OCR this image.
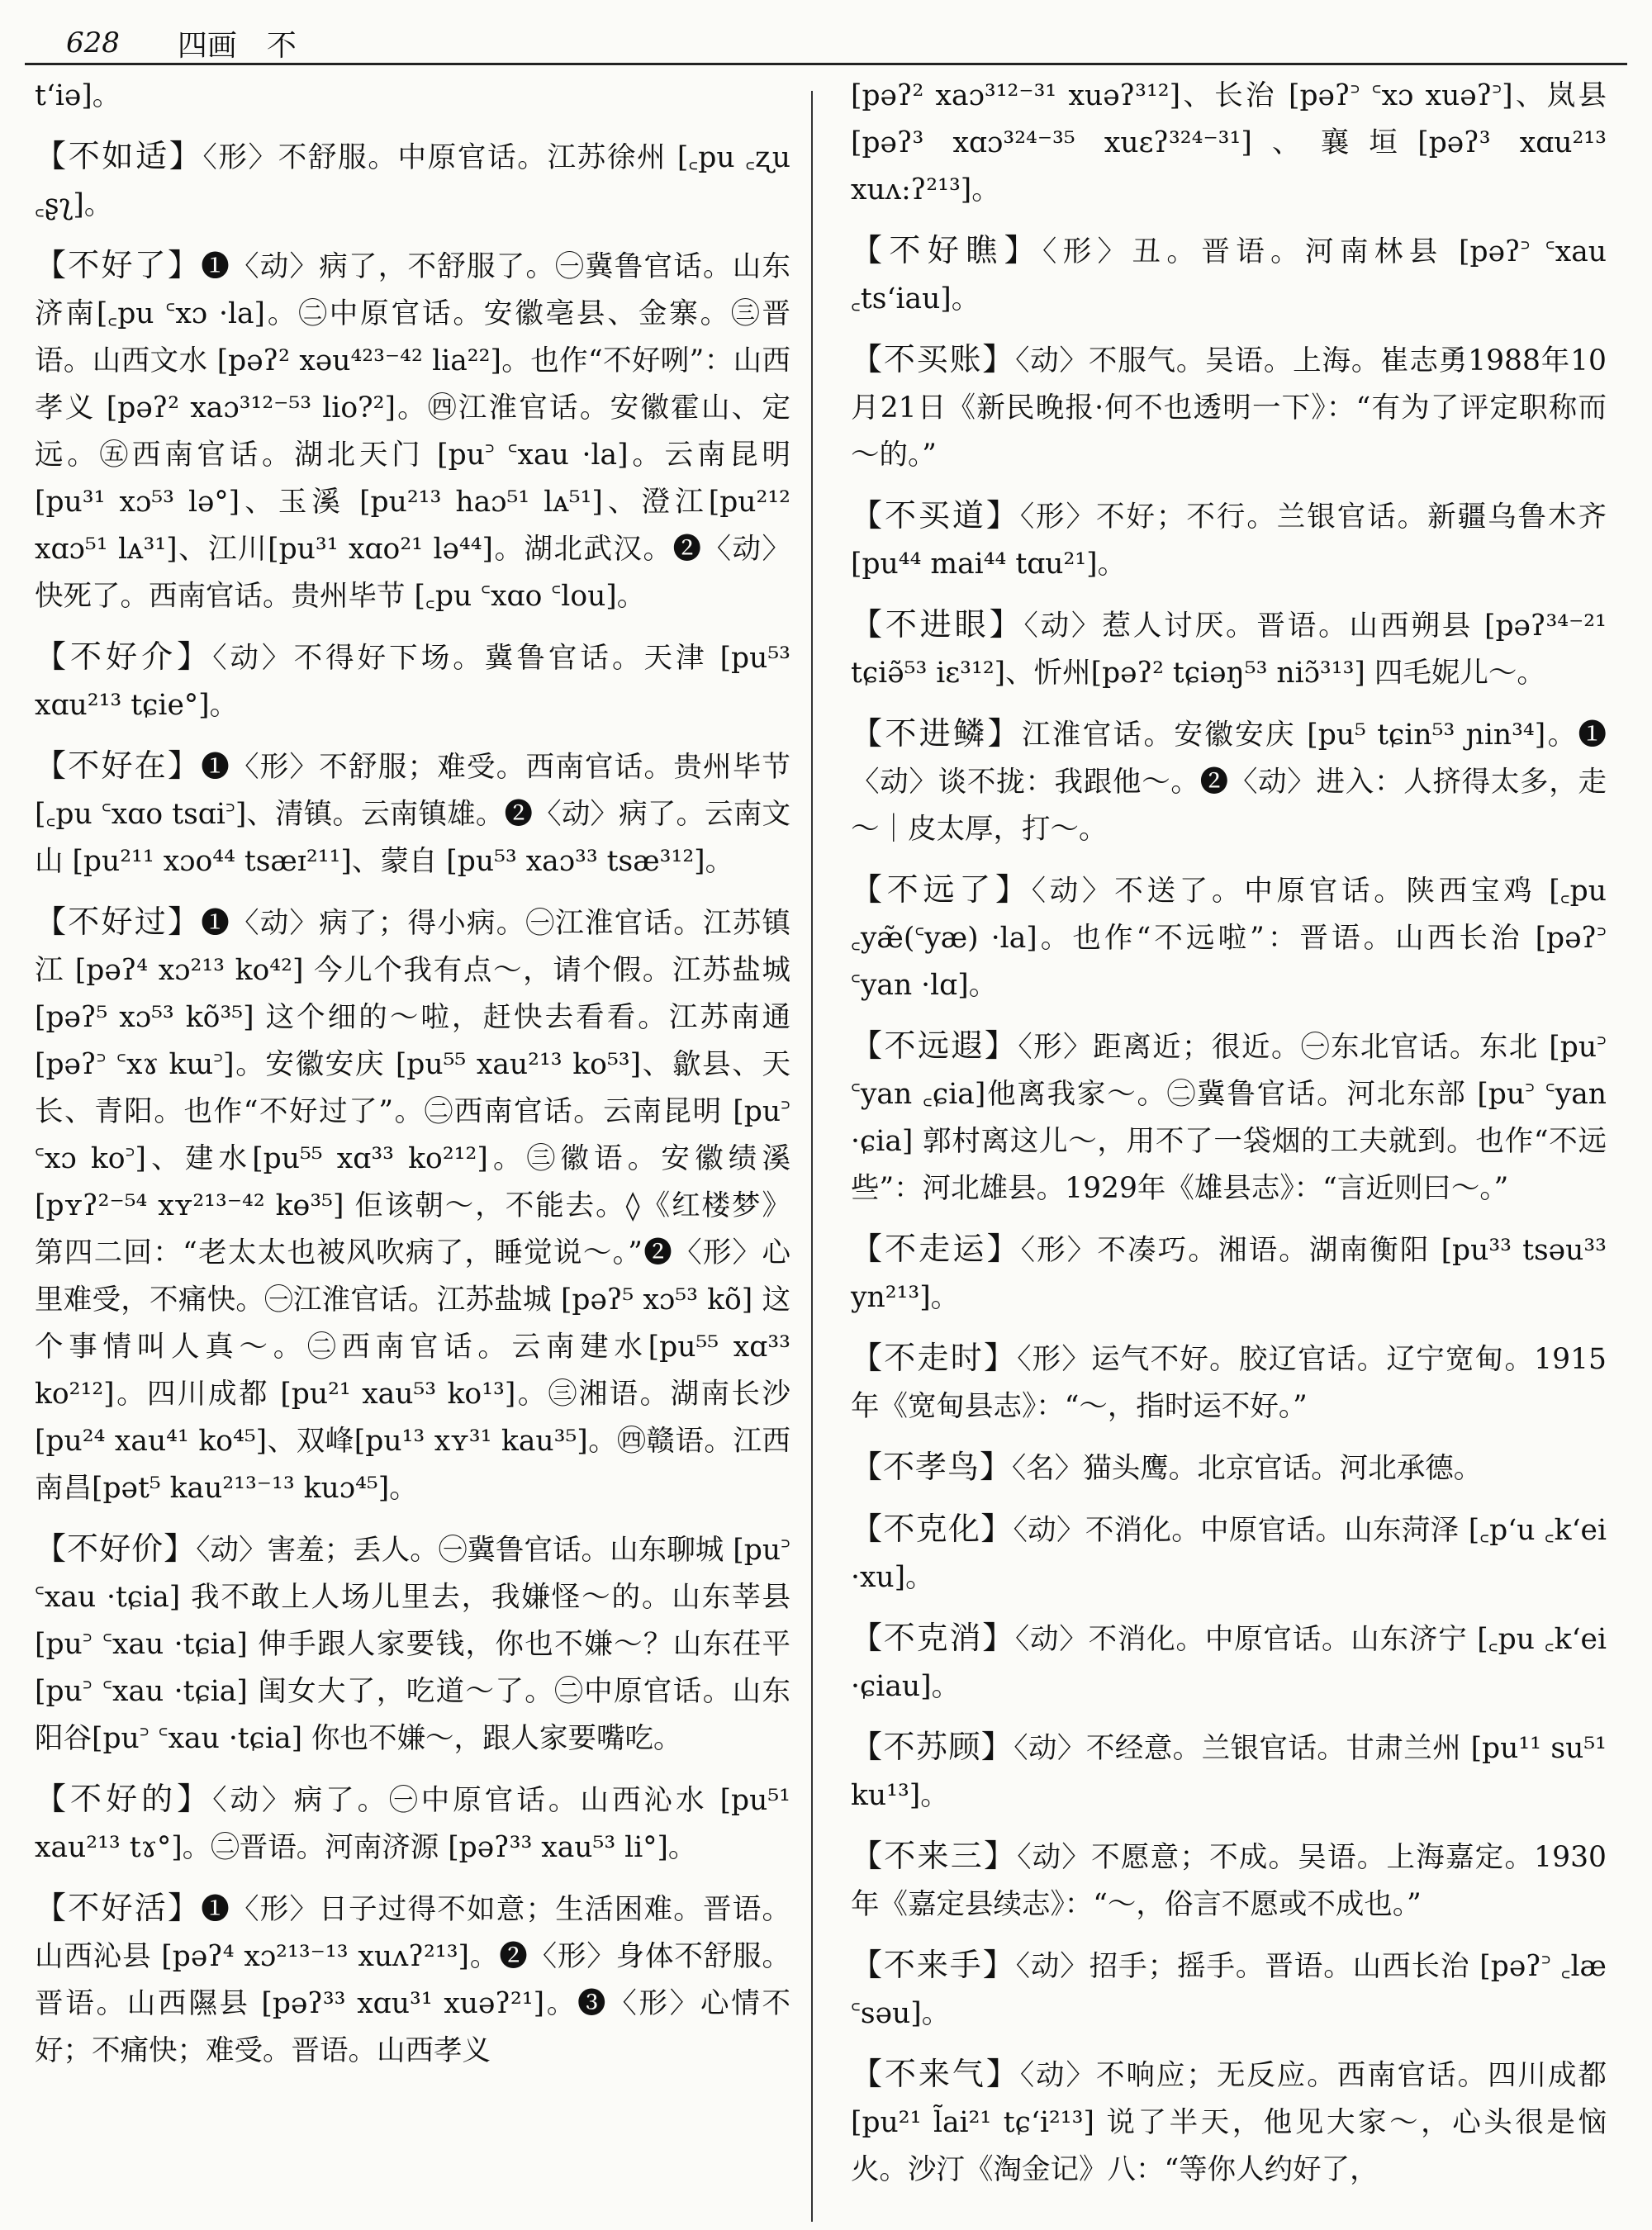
628 四画　不
t‘iə]。
【不如适】〈形〉不舒服。中原官话。江苏徐州 [꜀pu ꜀ʐu ꜀ʂʅ]。
【不好了】❶〈动〉病了，不舒服了。㊀冀鲁官话。山东济南[꜀pu ꜂xɔ ·la]。㊁中原官话。安徽亳县、金寨。㊂晋语。山西文水 [pəʔ² xəu⁴²³⁻⁴² lia²²]。也作“不好咧”：山西孝义 [pəʔ² xaɔ³¹²⁻⁵³ lio?²]。㊃江淮官话。安徽霍山、定远。㊄西南官话。湖北天门 [pu꜄ ꜂xau ·la]。云南昆明 [pu³¹ xɔ⁵³ lə°]、玉溪 [pu²¹³ haɔ⁵¹ lᴀ⁵¹]、澄江[pu²¹² xɑɔ⁵¹ lᴀ³¹]、江川[pu³¹ xɑo²¹ lə⁴⁴]。湖北武汉。❷〈动〉快死了。西南官话。贵州毕节 [꜀pu ꜂xɑo ꜂lou]。
【不好介】〈动〉不得好下场。冀鲁官话。天津 [pu⁵³ xɑu²¹³ tɕie°]。
【不好在】❶〈形〉不舒服；难受。西南官话。贵州毕节 [꜀pu ꜂xɑo tsɑi꜄]、清镇。云南镇雄。❷〈动〉病了。云南文山 [pu²¹¹ xɔo⁴⁴ tsæɪ²¹¹]、蒙自 [pu⁵³ xaɔ³³ tsæ³¹²]。
【不好过】❶〈动〉病了；得小病。㊀江淮官话。江苏镇江 [pəʔ⁴ xɔ²¹³ ko⁴²] 今儿个我有点～，请个假。江苏盐城 [pəʔ⁵ xɔ⁵³ kõ³⁵] 这个细的～啦，赶快去看看。江苏南通 [pəʔ꜄ ꜂xɤ kɯ꜄]。安徽安庆 [pu⁵⁵ xau²¹³ ko⁵³]、歙县、天长、青阳。也作“不好过了”。㊁西南官话。云南昆明 [pu꜄ ꜂xɔ ko꜄]、建水[pu⁵⁵ xɑ³³ ko²¹²]。㊂徽语。安徽绩溪 [pʏʔ²⁻⁵⁴ xʏ²¹³⁻⁴² kɵ³⁵] 佢该朝～，不能去。◊《红楼梦》第四二回：“老太太也被风吹病了，睡觉说～。”❷〈形〉心里难受，不痛快。㊀江淮官话。江苏盐城 [pəʔ⁵ xɔ⁵³ kõ] 这个事情叫人真～。㊁西南官话。云南建水[pu⁵⁵ xɑ³³ ko²¹²]。四川成都 [pu²¹ xau⁵³ ko¹³]。㊂湘语。湖南长沙 [pu²⁴ xau⁴¹ ko⁴⁵]、双峰[pu¹³ xʏ³¹ kau³⁵]。㊃赣语。江西南昌[pət⁵ kau²¹³⁻¹³ kuɔ⁴⁵]。
【不好价】〈动〉害羞；丢人。㊀冀鲁官话。山东聊城 [pu꜄ ꜂xau ·tɕia] 我不敢上人场儿里去，我嫌怪～的。山东莘县 [pu꜄ ꜂xau ·tɕia] 伸手跟人家要钱，你也不嫌～？山东茌平[pu꜄ ꜂xau ·tɕia] 闺女大了，吃道～了。㊁中原官话。山东阳谷[pu꜄ ꜂xau ·tɕia] 你也不嫌～，跟人家要嘴吃。
【不好的】〈动〉病了。㊀中原官话。山西沁水 [pu⁵¹ xau²¹³ tɤ°]。㊁晋语。河南济源 [pəʔ³³ xau⁵³ li°]。
【不好活】❶〈形〉日子过得不如意；生活困难。晋语。山西沁县 [pəʔ⁴ xɔ²¹³⁻¹³ xuʌʔ²¹³]。❷〈形〉身体不舒服。晋语。山西隰县 [pəʔ³³ xɑu³¹ xuəʔ²¹]。❸〈形〉心情不好；不痛快；难受。晋语。山西孝义
[pəʔ² xaɔ³¹²⁻³¹ xuəʔ³¹²]、长治 [pəʔ꜄ ꜂xɔ xuəʔ꜄]、岚县[pəʔ³ xɑɔ³²⁴⁻³⁵ xuɛʔ³²⁴⁻³¹]、襄垣[pəʔ³ xɑu²¹³ xuʌ:ʔ²¹³]。
【不好瞧】〈形〉丑。晋语。河南林县 [pəʔ꜄ ꜂xau ꜀ts‘iau]。
【不买账】〈动〉不服气。吴语。上海。崔志勇1988年10月21日《新民晚报·何不也透明一下》：“有为了评定职称而～的。”
【不买道】〈形〉不好；不行。兰银官话。新疆乌鲁木齐 [pu⁴⁴ mai⁴⁴ tɑu²¹]。
【不进眼】〈动〉惹人讨厌。晋语。山西朔县 [pəʔ³⁴⁻²¹ tɕiə̃⁵³ iɛ³¹²]、忻州[pəʔ² tɕiəŋ⁵³ niɔ̃³¹³] 四毛妮儿～。
【不进鳞】江淮官话。安徽安庆 [pu⁵ tɕin⁵³ ɲin³⁴]。❶〈动〉谈不拢：我跟他～。❷〈动〉进入：人挤得太多，走～｜皮太厚，打～。
【不远了】〈动〉不送了。中原官话。陕西宝鸡 [꜀pu ꜀yæ̃(꜂yæ) ·la]。也作“不远啦”：晋语。山西长治 [pəʔ꜄ ꜂yan ·lɑ]。
【不远遐】〈形〉距离近；很近。㊀东北官话。东北 [pu꜄ ꜂yan ꜀ɕia]他离我家～。㊁冀鲁官话。河北东部 [pu꜄ ꜂yan ·ɕia] 郭村离这儿～，用不了一袋烟的工夫就到。也作“不远些”：河北雄县。1929年《雄县志》：“言近则曰～。”
【不走运】〈形〉不凑巧。湘语。湖南衡阳 [pu³³ tsəu³³ yn²¹³]。
【不走时】〈形〉运气不好。胶辽官话。辽宁宽甸。1915年《宽甸县志》：“～，指时运不好。”
【不孝鸟】〈名〉猫头鹰。北京官话。河北承德。
【不克化】〈动〉不消化。中原官话。山东菏泽 [꜀p‘u ꜀k‘ei ·xu]。
【不克消】〈动〉不消化。中原官话。山东济宁 [꜀pu ꜀k‘ei ·ɕiau]。
【不苏顾】〈动〉不经意。兰银官话。甘肃兰州 [pu¹¹ su⁵¹ ku¹³]。
【不来三】〈动〉不愿意；不成。吴语。上海嘉定。1930年《嘉定县续志》：“～，俗言不愿或不成也。”
【不来手】〈动〉招手；摇手。晋语。山西长治 [pəʔ꜄ ꜀læ ꜂səu]。
【不来气】〈动〉不响应；无反应。西南官话。四川成都[pu²¹ l̃ai²¹ tɕ‘i²¹³] 说了半天，他见大家～，心头很是恼火。沙汀《淘金记》八：“等你人约好了，
